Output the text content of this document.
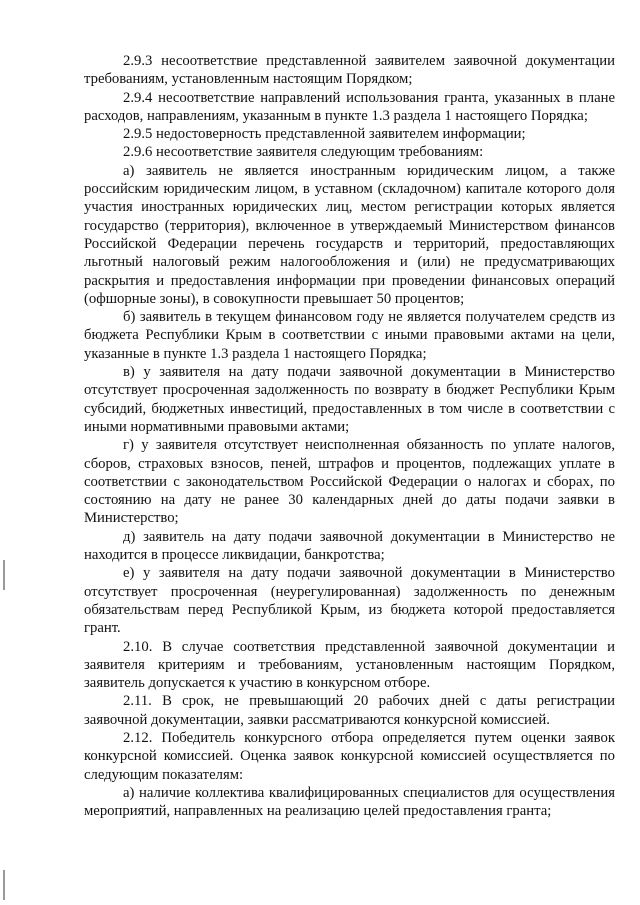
2.9.3 несоответствие представленной заявителем заявочной документации требованиям, установленным настоящим Порядком;

2.9.4 несоответствие направлений использования гранта, указанных в плане расходов, направлениям, указанным в пункте 1.3 раздела 1 настоящего Порядка;

2.9.5 недостоверность представленной заявителем информации;

2.9.6 несоответствие заявителя следующим требованиям:

а) заявитель не является иностранным юридическим лицом, а также российским юридическим лицом, в уставном (складочном) капитале которого доля участия иностранных юридических лиц, местом регистрации которых является государство (территория), включенное в утверждаемый Министерством финансов Российской Федерации перечень государств и территорий, предоставляющих льготный налоговый режим налогообложения и (или) не предусматривающих раскрытия и предоставления информации при проведении финансовых операций (офшорные зоны), в совокупности превышает 50 процентов;

б) заявитель в текущем финансовом году не является получателем средств из бюджета Республики Крым в соответствии с иными правовыми актами на цели, указанные в пункте 1.3 раздела 1 настоящего Порядка;

в) у заявителя на дату подачи заявочной документации в Министерство отсутствует просроченная задолженность по возврату в бюджет Республики Крым субсидий, бюджетных инвестиций, предоставленных в том числе в соответствии с иными нормативными правовыми актами;

г) у заявителя отсутствует неисполненная обязанность по уплате налогов, сборов, страховых взносов, пеней, штрафов и процентов, подлежащих уплате в соответствии с законодательством Российской Федерации о налогах и сборах, по состоянию на дату не ранее 30 календарных дней до даты подачи заявки в Министерство;

д) заявитель на дату подачи заявочной документации в Министерство не находится в процессе ликвидации, банкротства;

е) у заявителя на дату подачи заявочной документации в Министерство отсутствует просроченная (неурегулированная) задолженность по денежным обязательствам перед Республикой Крым, из бюджета которой предоставляется грант.

2.10. В случае соответствия представленной заявочной документации и заявителя критериям и требованиям, установленным настоящим Порядком, заявитель допускается к участию в конкурсном отборе.

2.11. В срок, не превышающий 20 рабочих дней с даты регистрации заявочной документации, заявки рассматриваются конкурсной комиссией.

2.12. Победитель конкурсного отбора определяется путем оценки заявок конкурсной комиссией. Оценка заявок конкурсной комиссией осуществляется по следующим показателям:

а) наличие коллектива квалифицированных специалистов для осуществления мероприятий, направленных на реализацию целей предоставления гранта;
